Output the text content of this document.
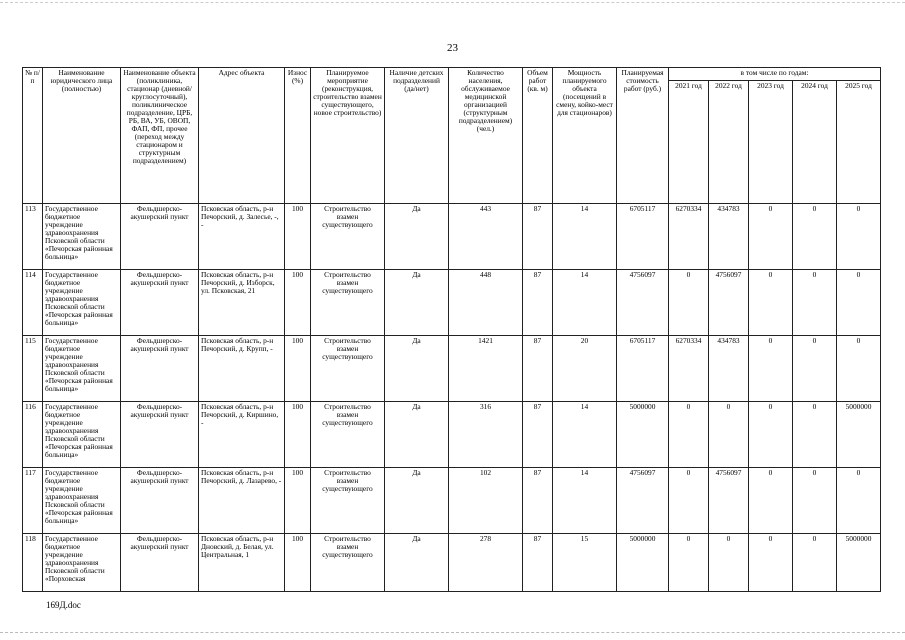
23
№ п/п	Наименование юридического лица (полностью)	Наименование объекта (поликлиника, стационар (дневной/ круглосуточный), поликлиническое подразделение, ЦРБ, РБ, ВА, УБ, ОВОП, ФАП, ФП, прочее (переход между стационаром и структурным подразделением)	Адрес объекта	Износ (%)	Планируемое мероприятие (реконструкция, строительство взамен существующего, новое строительство)	Наличие детских подразделений (да/нет)	Количество населения, обслуживаемое медицинской организацией (структурным подразделением) (чел.)	Объем работ (кв. м)	Мощность планируемого объекта (посещений в смену, койко-мест для стационаров)	Планируемая стоимость работ (руб.)	в том числе по годам:				
											2021 год	2022 год	2023 год	2024 год	2025 год
113	Государственное бюджетное учреждение здравоохранения Псковской области «Печорская районная больница»	Фельдшерско-акушерский пункт	Псковская область, р-н Печорский, д. Залесье, -, -	100	Строительство взамен существующего	Да	443	87	14	6705117	6270334	434783	0	0	0
114	Государственное бюджетное учреждение здравоохранения Псковской области «Печорская районная больница»	Фельдшерско-акушерский пункт	Псковская область, р-н Печорский, д. Изборск, ул. Псковская, 21	100	Строительство взамен существующего	Да	448	87	14	4756097	0	4756097	0	0	0
115	Государственное бюджетное учреждение здравоохранения Псковской области «Печорская районная больница»	Фельдшерско-акушерский пункт	Псковская область, р-н Печорский, д. Крупп, -	100	Строительство взамен существующего	Да	1421	87	20	6705117	6270334	434783	0	0	0
116	Государственное бюджетное учреждение здравоохранения Псковской области «Печорская районная больница»	Фельдшерско-акушерский пункт	Псковская область, р-н Печорский, д. Киршино, -	100	Строительство взамен существующего	Да	316	87	14	5000000	0	0	0	0	5000000
117	Государственное бюджетное учреждение здравоохранения Псковской области «Печорская районная больница»	Фельдшерско-акушерский пункт	Псковская область, р-н Печорский, д. Лазарево, -	100	Строительство взамен существующего	Да	102	87	14	4756097	0	4756097	0	0	0
118	Государственное бюджетное учреждение здравоохранения Псковской области «Порховская	Фельдшерско-акушерский пункт	Псковская область, р-н Дновский, д. Белая, ул. Центральная, 1	100	Строительство взамен существующего	Да	278	87	15	5000000	0	0	0	0	5000000
169Д.doc
